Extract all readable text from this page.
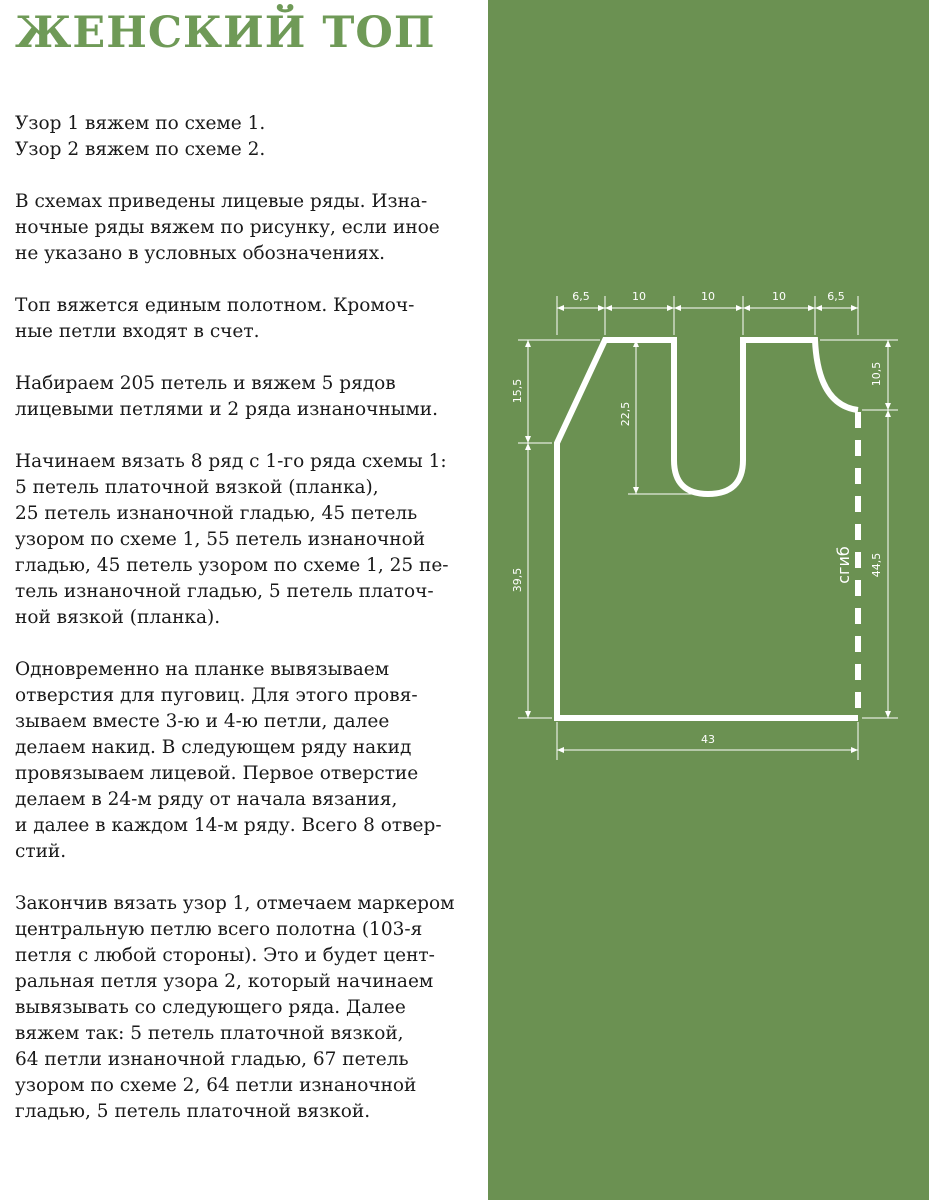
ЖЕНСКИЙ ТОП

Узор 1 вяжем по схеме 1.
Узор 2 вяжем по схеме 2.

В схемах приведены лицевые ряды. Изна-
ночные ряды вяжем по рисунку, если иное
не указано в условных обозначениях.

Топ вяжется единым полотном. Кромоч-
ные петли входят в счет.

Набираем 205 петель и вяжем 5 рядов
лицевыми петлями и 2 ряда изнаночными.

Начинаем вязать 8 ряд с 1-го ряда схемы 1:
5 петель платочной вязкой (планка),
25 петель изнаночной гладью, 45 петель
узором по схеме 1, 55 петель изнаночной
гладью, 45 петель узором по схеме 1, 25 пе-
тель изнаночной гладью, 5 петель платоч-
ной вязкой (планка).

Одновременно на планке вывязываем
отверстия для пуговиц. Для этого провя-
зываем вместе 3-ю и 4-ю петли, далее
делаем накид. В следующем ряду накид
провязываем лицевой. Первое отверстие
делаем в 24-м ряду от начала вязания,
и далее в каждом 14-м ряду. Всего 8 отвер-
стий.

Закончив вязать узор 1, отмечаем маркером
центральную петлю всего полотна (103-я
петля с любой стороны). Это и будет цент-
ральная петля узора 2, который начинаем
вывязывать со следующего ряда. Далее
вяжем так: 5 петель платочной вязкой,
64 петли изнаночной гладью, 67 петель
узором по схеме 2, 64 петли изнаночной
гладью, 5 петель платочной вязкой.

6,5	10	10	10	6,5
15,5
39,5
22,5
10,5
44,5
сгиб
43
